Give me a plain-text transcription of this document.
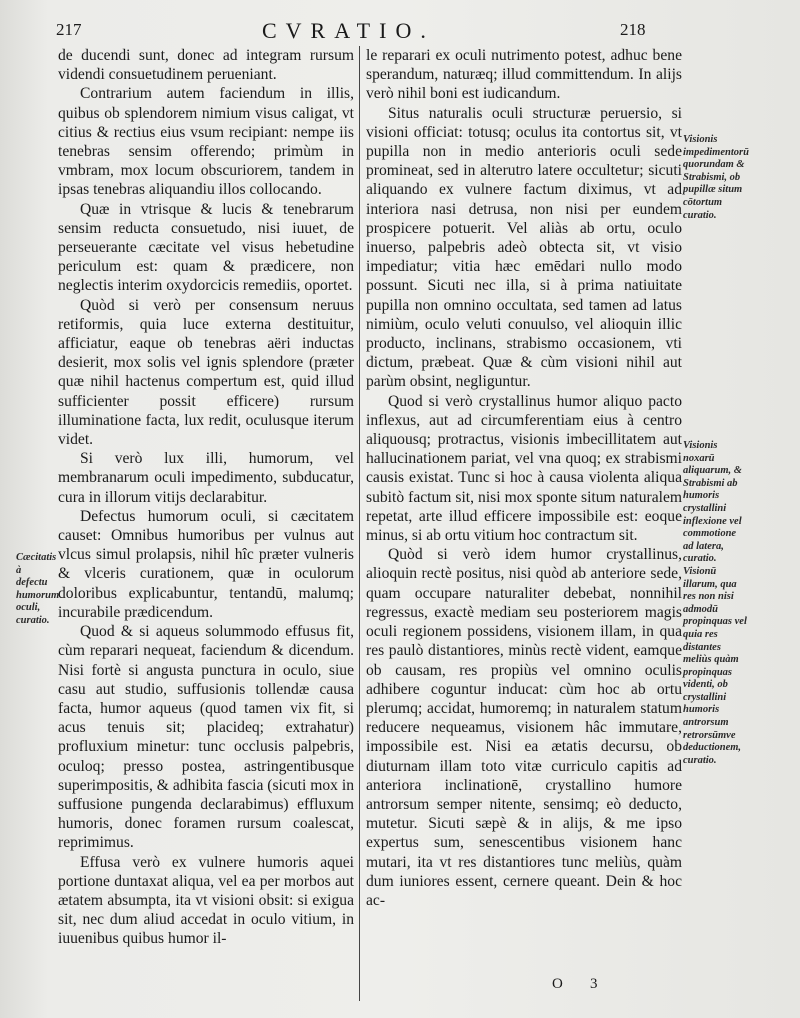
217	CVRATIO.	218

de ducendi sunt, donec ad integram rursum videndi consuetudinem perueniant.

Contrarium autem faciendum in illis, quibus ob splendorem nimium visus caligat, vt citius & rectius eius vsum recipiant: nempe iis tenebras sensim offerendo; primùm in vmbram, mox locum obscuriorem, tandem in ipsas tenebras aliquandiu illos collocando.

Quæ in vtrisque & lucis & tenebrarum sensim reducta consuetudo, nisi iuuet, de perseuerante cæcitate vel visus hebetudine periculum est: quam & prædicere, non neglectis interim oxydorcicis remediis, oportet.

Quòd si verò per consensum neruus retiformis, quia luce externa destituitur, afficiatur, eaque ob tenebras aëri inductas desierit, mox solis vel ignis splendore (præter quæ nihil hactenus compertum est, quid illud sufficienter possit efficere) rursum illuminatione facta, lux redit, oculusque iterum videt.

Si verò lux illi, humorum, vel membranarum oculi impedimento, subducatur, cura in illorum vitijs declarabitur.

Defectus humorum oculi, si cæcitatem causet: Omnibus humoribus per vulnus aut vlcus simul prolapsis, nihil hîc præter vulneris & vlceris curationem, quæ in oculorum doloribus explicabuntur, tentandū, malumq; incurabile prædicendum.

Quod & si aqueus solummodo effusus fit, cùm reparari nequeat, faciendum & dicendum. Nisi fortè si angusta punctura in oculo, siue casu aut studio, suffusionis tollendæ causa facta, humor aqueus (quod tamen vix fit, si acus tenuis sit; placideq; extrahatur) profluxium minetur: tunc occlusis palpebris, oculoq; presso postea, astringentibusque superimpositis, & adhibita fascia (sicuti mox in suffusione pungenda declarabimus) effluxum humoris, donec foramen rursum coalescat, reprimimus.

Effusa verò ex vulnere humoris aquei portione duntaxat aliqua, vel ea per morbos aut ætatem absumpta, ita vt visioni obsit: si exigua sit, nec dum aliud accedat in oculo vitium, in iuuenibus quibus humor il-

le reparari ex oculi nutrimento potest, adhuc bene sperandum, naturæq; illud committendum. In alijs verò nihil boni est iudicandum.

Situs naturalis oculi structuræ peruersio, si visioni officiat: totusq; oculus ita contortus sit, vt pupilla non in medio anterioris oculi sede promineat, sed in alterutro latere occultetur; sicuti aliquando ex vulnere factum diximus, vt ad interiora nasi detrusa, non nisi per eundem prospicere potuerit. Vel aliàs ab ortu, oculo inuerso, palpebris adeò obtecta sit, vt visio impediatur; vitia hæc emēdari nullo modo possunt. Sicuti nec illa, si à prima natiuitate pupilla non omnino occultata, sed tamen ad latus nimiùm, oculo veluti conuulso, vel alioquin illic producto, inclinans, strabismo occasionem, vti dictum, præbeat. Quæ & cùm visioni nihil aut parùm obsint, negliguntur.

Quod si verò crystallinus humor aliquo pacto inflexus, aut ad circumferentiam eius à centro aliquousq; protractus, visionis imbecillitatem aut hallucinationem pariat, vel vna quoq; ex strabismi causis existat. Tunc si hoc à causa violenta aliqua subitò factum sit, nisi mox sponte situm naturalem repetat, arte illud efficere impossibile est: eoque minus, si ab ortu vitium hoc contractum sit.

Quòd si verò idem humor crystallinus, alioquin rectè positus, nisi quòd ab anteriore sede, quam occupare naturaliter debebat, nonnihil regressus, exactè mediam seu posteriorem magis oculi regionem possidens, visionem illam, in qua res paulò distantiores, minùs rectè vident, eamque ob causam, res propiùs vel omnino oculis adhibere coguntur inducat: cùm hoc ab ortu plerumq; accidat, humoremq; in naturalem statum reducere nequeamus, visionem hâc immutare, impossibile est. Nisi ea ætatis decursu, ob diuturnam illam toto vitæ curriculo capitis ad anteriora inclinationē, crystallino humore antrorsum semper nitente, sensimq; eò deducto, mutetur. Sicuti sæpè & in alijs, & me ipso expertus sum, senescentibus visionem hanc mutari, ita vt res distantiores tunc meliùs, quàm dum iuniores essent, cernere queant. Dein & hoc ac-

Cæcitatis à defectu humorum oculi, curatio.
Visionis impedimentorū quorundam & Strabismi, ob pupillæ situm cōtortum curatio.
Visionis noxarū aliquarum, & Strabismi ab humoris crystallini inflexione vel commotione ad latera, curatio. Visionū illarum, qua res non nisi admodū propinquas vel quia res distantes meliùs quàm propinquas videnti, ob crystallini humoris antrorsum retrorsūmve deductionem, curatio.
O 3
